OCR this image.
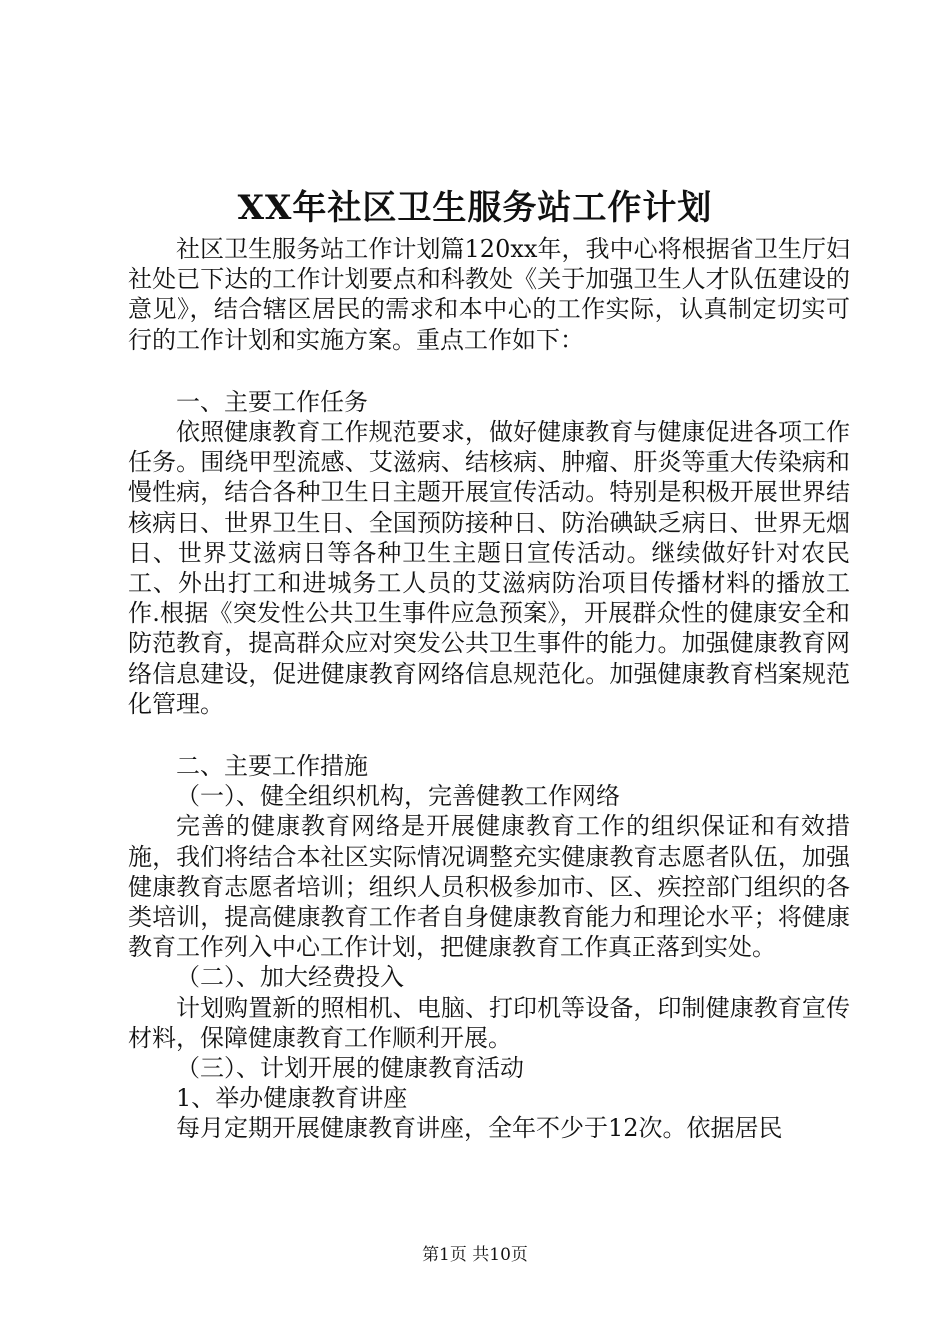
XX年社区卫生服务站工作计划

社区卫生服务站工作计划篇120xx年，我中心将根据省卫生厅妇社处已下达的工作计划要点和科教处《关于加强卫生人才队伍建设的意见》，结合辖区居民的需求和本中心的工作实际，认真制定切实可行的工作计划和实施方案。重点工作如下：

一、主要工作任务

依照健康教育工作规范要求，做好健康教育与健康促进各项工作任务。围绕甲型流感、艾滋病、结核病、肿瘤、肝炎等重大传染病和慢性病，结合各种卫生日主题开展宣传活动。特别是积极开展世界结核病日、世界卫生日、全国预防接种日、防治碘缺乏病日、世界无烟日、世界艾滋病日等各种卫生主题日宣传活动。继续做好针对农民工、外出打工和进城务工人员的艾滋病防治项目传播材料的播放工作.根据《突发性公共卫生事件应急预案》，开展群众性的健康安全和防范教育，提高群众应对突发公共卫生事件的能力。加强健康教育网络信息建设，促进健康教育网络信息规范化。加强健康教育档案规范化管理。

二、主要工作措施
（一）、健全组织机构，完善健教工作网络

完善的健康教育网络是开展健康教育工作的组织保证和有效措施，我们将结合本社区实际情况调整充实健康教育志愿者队伍，加强健康教育志愿者培训；组织人员积极参加市、区、疾控部门组织的各类培训，提高健康教育工作者自身健康教育能力和理论水平；将健康教育工作列入中心工作计划，把健康教育工作真正落到实处。

（二）、加大经费投入

计划购置新的照相机、电脑、打印机等设备，印制健康教育宣传材料，保障健康教育工作顺利开展。

（三）、计划开展的健康教育活动
1、举办健康教育讲座

每月定期开展健康教育讲座，全年不少于12次。依据居民

第1页 共10页
